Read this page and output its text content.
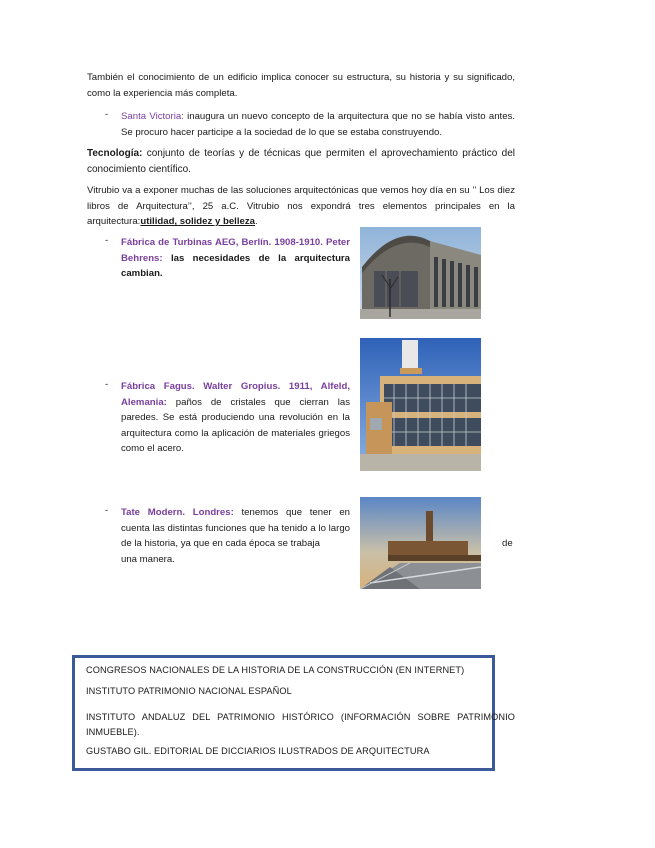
También el conocimiento de un edificio implica conocer su estructura, su historia y su significado, como la experiencia más completa.

- Santa Victoria: inaugura un nuevo concepto de la arquitectura que no se había visto antes. Se procuro hacer participe a la sociedad de lo que se estaba construyendo.

Tecnología: conjunto de teorías y de técnicas que permiten el aprovechamiento práctico del conocimiento científico.

Vitrubio va a exponer muchas de las soluciones arquitectónicas que vemos hoy día en su ’’ Los diez libros de Arquitectura’’, 25 a.C. Vitrubio nos expondrá tres elementos principales en la arquitectura:utilidad, solidez y belleza.

- Fábrica de Turbinas AEG, Berlín. 1908-1910. Peter Behrens: las necesidades de la arquitectura cambian.

- Fábrica Fagus. Walter Gropius. 1911, Alfeld, Alemania: paños de cristales que cierran las paredes. Se está produciendo una revolución en la arquitectura como la aplicación de materiales griegos como el acero.

- Tate Modern. Londres: tenemos que tener en cuenta las distintas funciones que ha tenido a lo largo de la historia, ya que en cada época se trabaja
una manera.

de
CONGRESOS NACIONALES DE LA HISTORIA DE LA CONSTRUCCIÓN (EN INTERNET)
INSTITUTO PATRIMONIO NACIONAL ESPAÑOL
INSTITUTO ANDALUZ DEL PATRIMONIO HISTÓRICO (INFORMACIÓN SOBRE PATRIMONIO INMUEBLE).
GUSTABO GIL. EDITORIAL DE DICCIARIOS ILUSTRADOS DE ARQUITECTURA
